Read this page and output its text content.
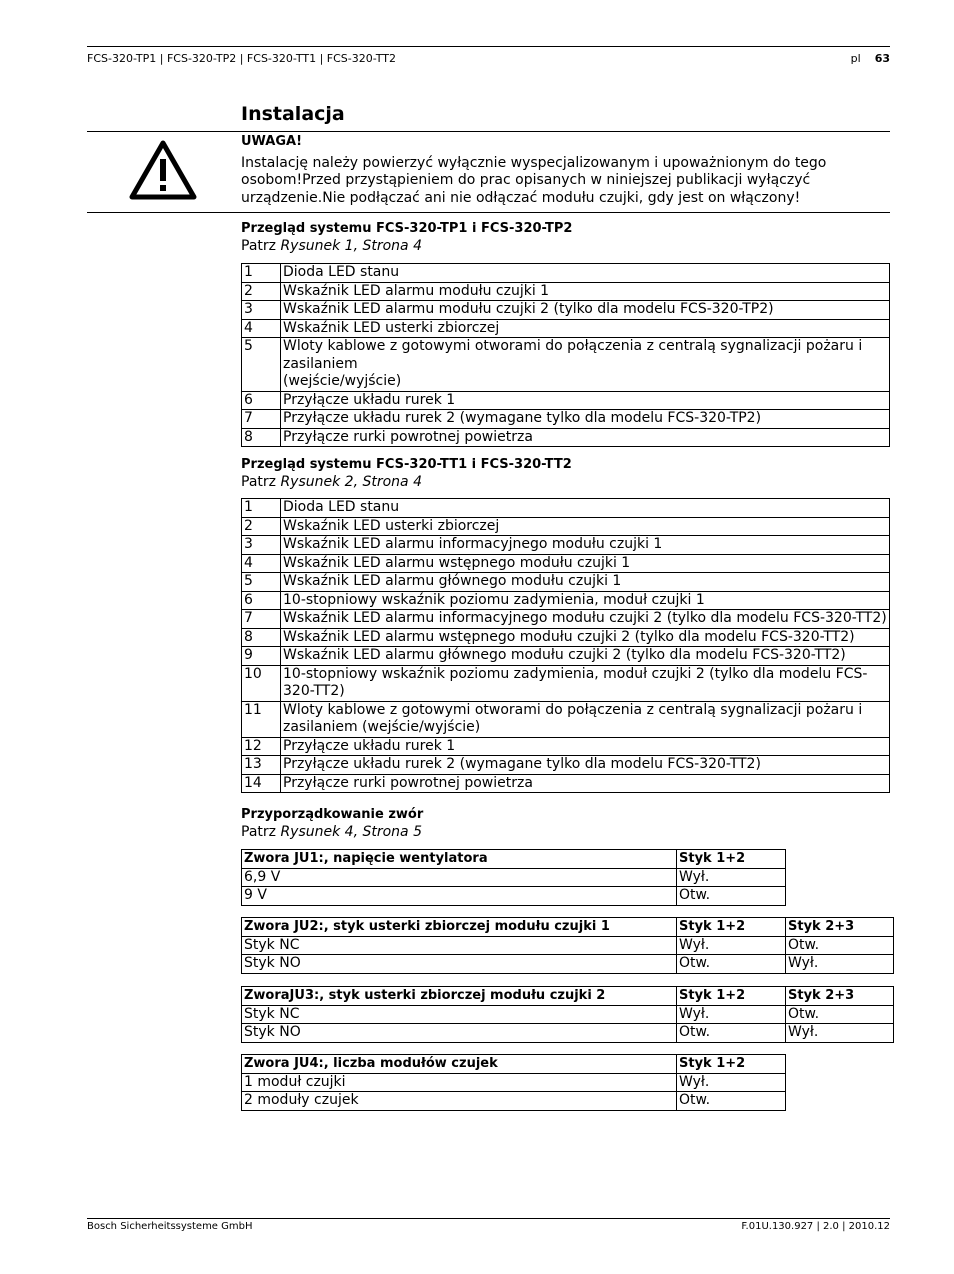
FCS-320-TP1 | FCS-320-TP2 | FCS-320-TT1 | FCS-320-TT2	pl 63
Instalacja
UWAGA!
Instalację należy powierzyć wyłącznie wyspecjalizowanym i upoważnionym do tego osobom!Przed przystąpieniem do prac opisanych w niniejszej publikacji wyłączyć urządzenie.Nie podłączać ani nie odłączać modułu czujki, gdy jest on włączony!
Przegląd systemu FCS-320-TP1 i FCS-320-TP2
Patrz Rysunek 1, Strona 4
1	Dioda LED stanu
2	Wskaźnik LED alarmu modułu czujki 1
3	Wskaźnik LED alarmu modułu czujki 2 (tylko dla modelu FCS-320-TP2)
4	Wskaźnik LED usterki zbiorczej
5	Wloty kablowe z gotowymi otworami do połączenia z centralą sygnalizacji pożaru i zasilaniem
(wejście/wyjście)
6	Przyłącze układu rurek 1
7	Przyłącze układu rurek 2 (wymagane tylko dla modelu FCS-320-TP2)
8	Przyłącze rurki powrotnej powietrza
Przegląd systemu FCS-320-TT1 i FCS-320-TT2
Patrz Rysunek 2, Strona 4
1	Dioda LED stanu
2	Wskaźnik LED usterki zbiorczej
3	Wskaźnik LED alarmu informacyjnego modułu czujki 1
4	Wskaźnik LED alarmu wstępnego modułu czujki 1
5	Wskaźnik LED alarmu głównego modułu czujki 1
6	10-stopniowy wskaźnik poziomu zadymienia, moduł czujki 1
7	Wskaźnik LED alarmu informacyjnego modułu czujki 2 (tylko dla modelu FCS-320-TT2)
8	Wskaźnik LED alarmu wstępnego modułu czujki 2 (tylko dla modelu FCS-320-TT2)
9	Wskaźnik LED alarmu głównego modułu czujki 2 (tylko dla modelu FCS-320-TT2)
10	10-stopniowy wskaźnik poziomu zadymienia, moduł czujki 2 (tylko dla modelu FCS-320-TT2)
11	Wloty kablowe z gotowymi otworami do połączenia z centralą sygnalizacji pożaru i zasilaniem (wejście/wyjście)
12	Przyłącze układu rurek 1
13	Przyłącze układu rurek 2 (wymagane tylko dla modelu FCS-320-TT2)
14	Przyłącze rurki powrotnej powietrza
Przyporządkowanie zwór
Patrz Rysunek 4, Strona 5
Zwora JU1:, napięcie wentylatora	Styk 1+2
6,9 V	Wył.
9 V	Otw.
Zwora JU2:, styk usterki zbiorczej modułu czujki 1	Styk 1+2	Styk 2+3
Styk NC	Wył.	Otw.
Styk NO	Otw.	Wył.
ZworaJU3:, styk usterki zbiorczej modułu czujki 2	Styk 1+2	Styk 2+3
Styk NC	Wył.	Otw.
Styk NO	Otw.	Wył.
Zwora JU4:, liczba modułów czujek	Styk 1+2
1 moduł czujki	Wył.
2 moduły czujek	Otw.
Bosch Sicherheitssysteme GmbH	F.01U.130.927 | 2.0 | 2010.12
